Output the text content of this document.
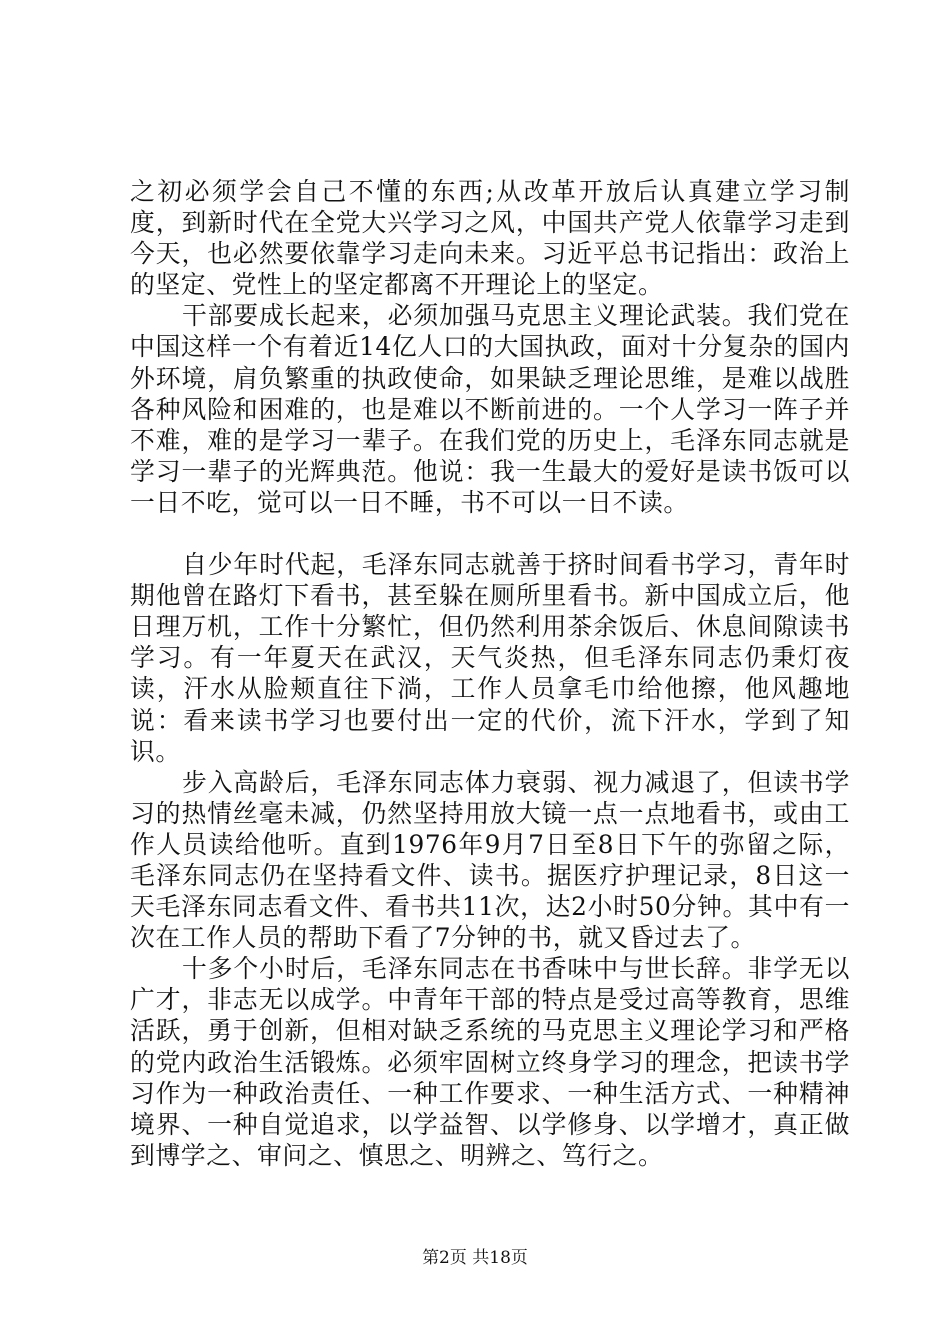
之初必须学会自己不懂的东西;从改革开放后认真建立学习制度，到新时代在全党大兴学习之风，中国共产党人依靠学习走到今天，也必然要依靠学习走向未来。习近平总书记指出：政治上的坚定、党性上的坚定都离不开理论上的坚定。

干部要成长起来，必须加强马克思主义理论武装。我们党在中国这样一个有着近14亿人口的大国执政，面对十分复杂的国内外环境，肩负繁重的执政使命，如果缺乏理论思维，是难以战胜各种风险和困难的，也是难以不断前进的。一个人学习一阵子并不难，难的是学习一辈子。在我们党的历史上，毛泽东同志就是学习一辈子的光辉典范。他说：我一生最大的爱好是读书饭可以一日不吃，觉可以一日不睡，书不可以一日不读。

自少年时代起，毛泽东同志就善于挤时间看书学习，青年时期他曾在路灯下看书，甚至躲在厕所里看书。新中国成立后，他日理万机，工作十分繁忙，但仍然利用茶余饭后、休息间隙读书学习。有一年夏天在武汉，天气炎热，但毛泽东同志仍秉灯夜读，汗水从脸颊直往下淌，工作人员拿毛巾给他擦，他风趣地说：看来读书学习也要付出一定的代价，流下汗水，学到了知识。

步入高龄后，毛泽东同志体力衰弱、视力减退了，但读书学习的热情丝毫未减，仍然坚持用放大镜一点一点地看书，或由工作人员读给他听。直到1976年9月7日至8日下午的弥留之际，毛泽东同志仍在坚持看文件、读书。据医疗护理记录，8日这一天毛泽东同志看文件、看书共11次，达2小时50分钟。其中有一次在工作人员的帮助下看了7分钟的书，就又昏过去了。

十多个小时后，毛泽东同志在书香味中与世长辞。非学无以广才，非志无以成学。中青年干部的特点是受过高等教育，思维活跃，勇于创新，但相对缺乏系统的马克思主义理论学习和严格的党内政治生活锻炼。必须牢固树立终身学习的理念，把读书学习作为一种政治责任、一种工作要求、一种生活方式、一种精神境界、一种自觉追求，以学益智、以学修身、以学增才，真正做到博学之、审问之、慎思之、明辨之、笃行之。

第2页 共18页
